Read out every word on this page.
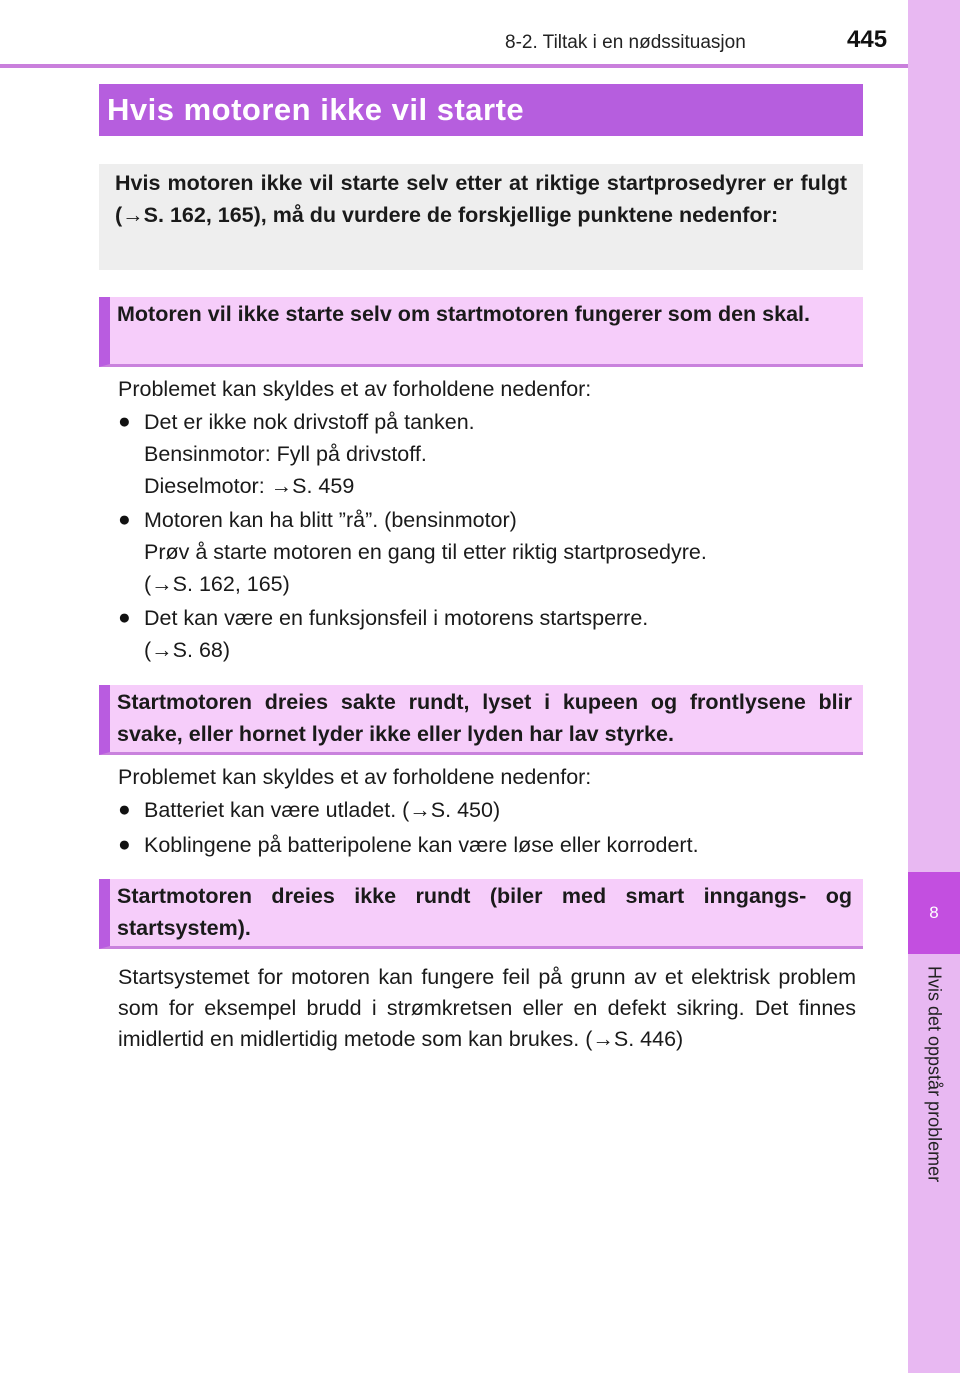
8
Hvis det oppstår problemer
8-2. Tiltak i en nødssituasjon	445
Hvis motoren ikke vil starte

Hvis motoren ikke vil starte selv etter at riktige startprosedyrer er fulgt (→S. 162, 165), må du vurdere de forskjellige punktene nedenfor:

Motoren vil ikke starte selv om startmotoren fungerer som den skal.

Problemet kan skyldes et av forholdene nedenfor:
● Det er ikke nok drivstoff på tanken.
Bensinmotor: Fyll på drivstoff.
Dieselmotor: →S. 459
● Motoren kan ha blitt ”rå”. (bensinmotor)
Prøv å starte motoren en gang til etter riktig startprosedyre.
(→S. 162, 165)
● Det kan være en funksjonsfeil i motorens startsperre.
(→S. 68)

Startmotoren dreies sakte rundt, lyset i kupeen og frontlysene blir svake, eller hornet lyder ikke eller lyden har lav styrke.

Problemet kan skyldes et av forholdene nedenfor:
● Batteriet kan være utladet. (→S. 450)
● Koblingene på batteripolene kan være løse eller korrodert.

Startmotoren dreies ikke rundt (biler med smart inngangs- og startsystem).

Startsystemet for motoren kan fungere feil på grunn av et elektrisk problem som for eksempel brudd i strømkretsen eller en defekt sikring. Det finnes imidlertid en midlertidig metode som kan brukes. (→S. 446)
